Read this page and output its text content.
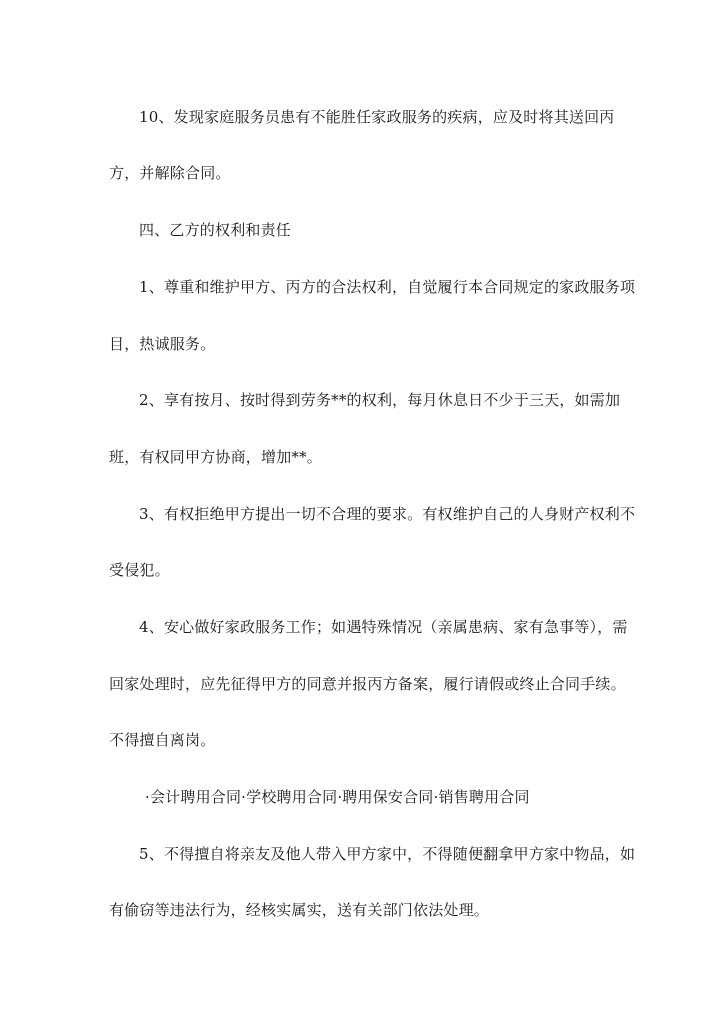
10、发现家庭服务员患有不能胜任家政服务的疾病，应及时将其送回丙
方，并解除合同。
四、乙方的权利和责任
1、尊重和维护甲方、丙方的合法权利，自觉履行本合同规定的家政服务项
目，热诚服务。
2、享有按月、按时得到劳务**的权利，每月休息日不少于三天，如需加
班，有权同甲方协商，增加**。
3、有权拒绝甲方提出一切不合理的要求。有权维护自己的人身财产权利不
受侵犯。
4、安心做好家政服务工作；如遇特殊情况（亲属患病、家有急事等），需
回家处理时，应先征得甲方的同意并报丙方备案，履行请假或终止合同手续。
不得擅自离岗。
·会计聘用合同·学校聘用合同·聘用保安合同·销售聘用合同
5、不得擅自将亲友及他人带入甲方家中，不得随便翻拿甲方家中物品，如
有偷窃等违法行为，经核实属实，送有关部门依法处理。
